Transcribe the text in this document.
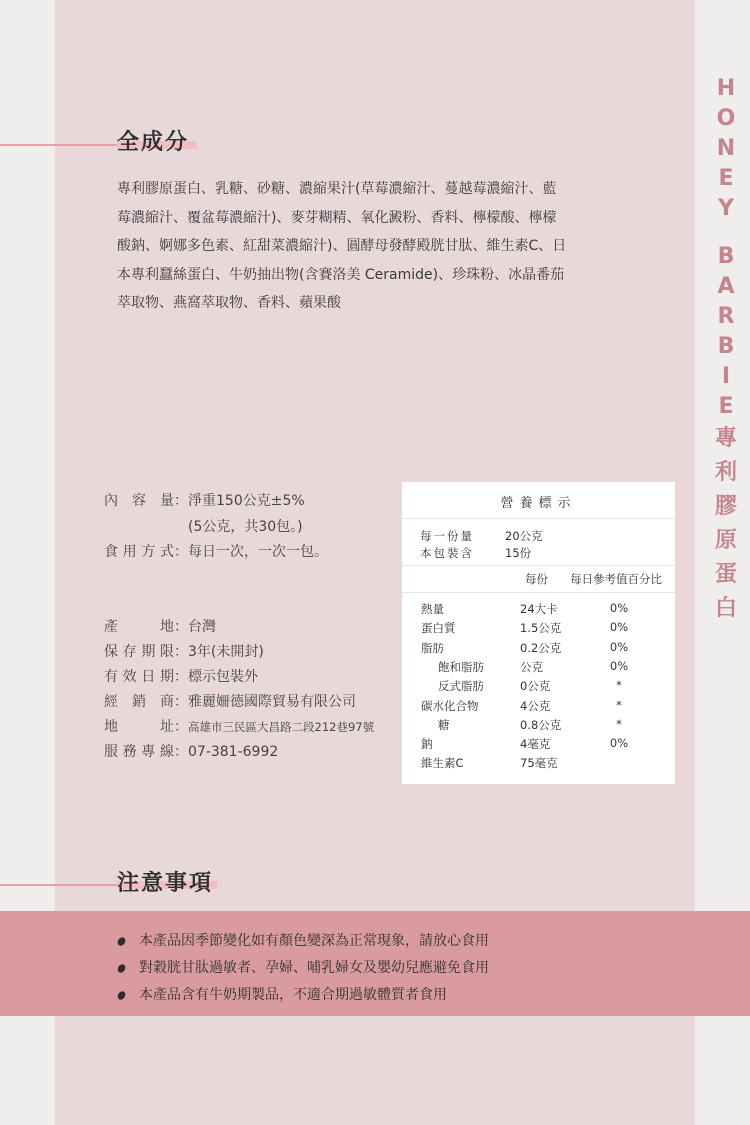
H
O
N
E
Y
B
A
R
B
I
E
專
利
膠
原
蛋
白
全成分
專利膠原蛋白、乳糖、砂糖、濃縮果汁(草莓濃縮汁、蔓越莓濃縮汁、藍
莓濃縮汁、覆盆莓濃縮汁)、麥芽糊精、氧化澱粉、香料、檸檬酸、檸檬
酸鈉、婀娜多色素、紅甜菜濃縮汁)、圓酵母發酵殿胱甘肽、維生素C、日
本專利蠶絲蛋白、牛奶抽出物(含賽洛美 Ceramide)、珍珠粉、冰晶番茄
萃取物、燕窩萃取物、香料、蘋果酸
內容量：淨重150公克±5%
(5公克，共30包。)
食用方式：每日一次，一次一包。
產地：台灣
保存期限：3年(未開封)
有效日期：標示包裝外
經銷商：雅麗姍德國際貿易有限公司
地址：高雄市三民區大昌路二段212巷97號
服務專線：07-381-6992
營養標示
每一份量	20公克
本包裝含	15份
每份 每日參考值百分比
熱量	24大卡	0%
蛋白質	1.5公克	0%
脂肪	0.2公克	0%
飽和脂肪	公克	0%
反式脂肪	0公克	*
碳水化合物	4公克	*
糖	0.8公克	*
鈉	4毫克	0%
維生素C	75毫克
注意事項
本產品因季節變化如有顏色變深為正常現象，請放心食用
對穀胱甘肽過敏者、孕婦、哺乳婦女及嬰幼兒應避免食用
本產品含有牛奶期製品，不適合期過敏體質者食用
